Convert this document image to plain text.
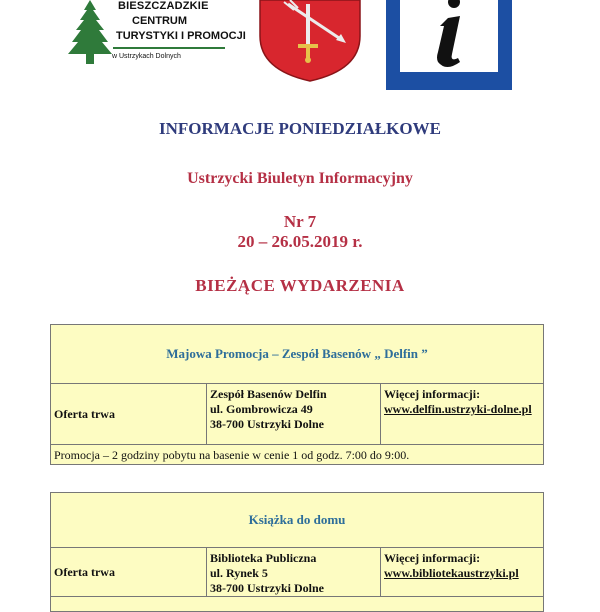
BIESZCZADZKIE
CENTRUM
TURYSTYKI I PROMOCJI
w Ustrzykach Dolnych
INFORMACJE PONIEDZIAŁKOWE
Ustrzycki Biuletyn Informacyjny
Nr 7
20 – 26.05.2019 r.
BIEŻĄCE WYDARZENIA
Majowa Promocja – Zespół Basenów „ Delfin ”
Oferta trwa
Zespół Basenów Delfin
ul. Gombrowicza 49
38-700 Ustrzyki Dolne
Więcej informacji:
www.delfin.ustrzyki-dolne.pl
Promocja – 2 godziny pobytu na basenie w cenie 1 od godz. 7:00 do 9:00.
Książka do domu
Oferta trwa
Biblioteka Publiczna
ul. Rynek 5
38-700 Ustrzyki Dolne
Więcej informacji:
www.bibliotekaustrzyki.pl
